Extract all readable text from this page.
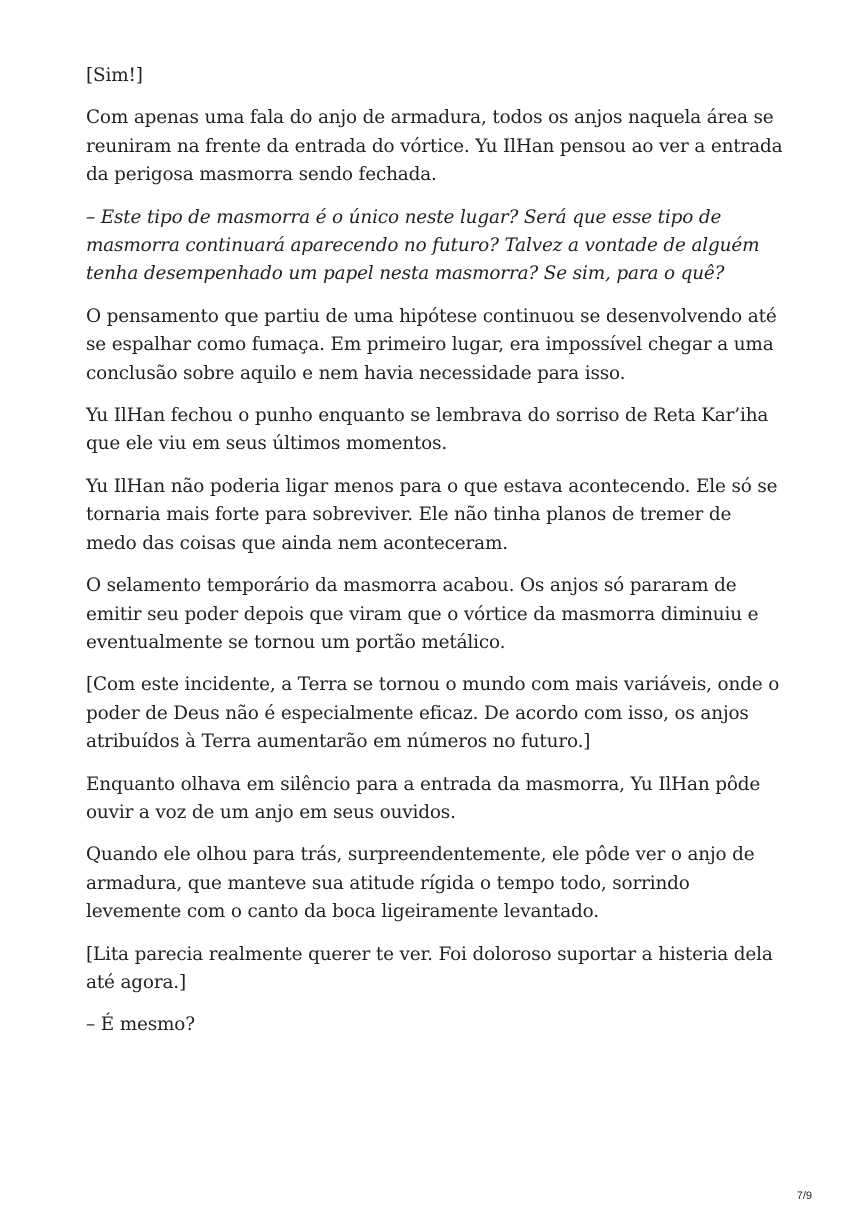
[Sim!]

Com apenas uma fala do anjo de armadura, todos os anjos naquela área se reuniram na frente da entrada do vórtice. Yu IlHan pensou ao ver a entrada da perigosa masmorra sendo fechada.

– Este tipo de masmorra é o único neste lugar? Será que esse tipo de masmorra continuará aparecendo no futuro? Talvez a vontade de alguém tenha desempenhado um papel nesta masmorra? Se sim, para o quê?

O pensamento que partiu de uma hipótese continuou se desenvolvendo até se espalhar como fumaça. Em primeiro lugar, era impossível chegar a uma conclusão sobre aquilo e nem havia necessidade para isso.

Yu IlHan fechou o punho enquanto se lembrava do sorriso de Reta Kar’iha que ele viu em seus últimos momentos.

Yu IlHan não poderia ligar menos para o que estava acontecendo. Ele só se tornaria mais forte para sobreviver. Ele não tinha planos de tremer de medo das coisas que ainda nem aconteceram.

O selamento temporário da masmorra acabou. Os anjos só pararam de emitir seu poder depois que viram que o vórtice da masmorra diminuiu e eventualmente se tornou um portão metálico.

[Com este incidente, a Terra se tornou o mundo com mais variáveis, onde o poder de Deus não é especialmente eficaz. De acordo com isso, os anjos atribuídos à Terra aumentarão em números no futuro.]

Enquanto olhava em silêncio para a entrada da masmorra, Yu IlHan pôde ouvir a voz de um anjo em seus ouvidos.

Quando ele olhou para trás, surpreendentemente, ele pôde ver o anjo de armadura, que manteve sua atitude rígida o tempo todo, sorrindo levemente com o canto da boca ligeiramente levantado.

[Lita parecia realmente querer te ver. Foi doloroso suportar a histeria dela até agora.]

– É mesmo?

7/9
